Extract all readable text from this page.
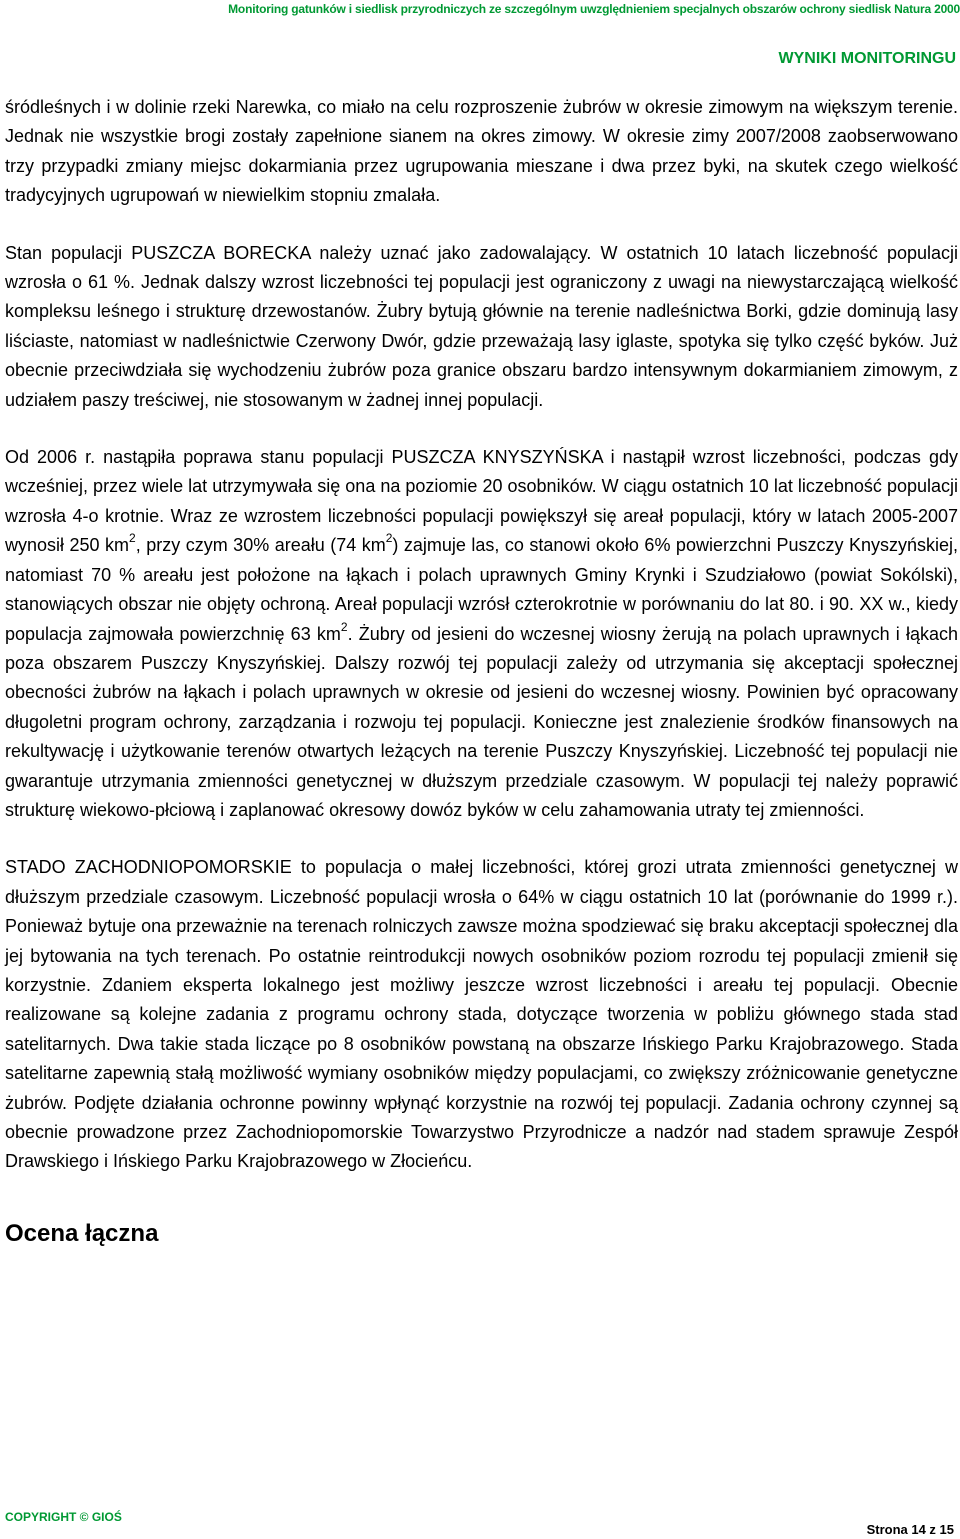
Monitoring gatunków i siedlisk przyrodniczych ze szczególnym uwzględnieniem specjalnych obszarów ochrony siedlisk Natura 2000
WYNIKI MONITORINGU

śródleśnych i w dolinie rzeki Narewka, co miało na celu rozproszenie żubrów w okresie zimowym na większym terenie. Jednak nie wszystkie brogi zostały zapełnione sianem na okres zimowy. W okresie zimy 2007/2008 zaobserwowano trzy przypadki zmiany miejsc dokarmiania przez ugrupowania mieszane i dwa przez byki, na skutek czego wielkość tradycyjnych ugrupowań w niewielkim stopniu zmalała.

Stan populacji PUSZCZA BORECKA należy uznać jako zadowalający. W ostatnich 10 latach liczebność populacji wzrosła o 61 %. Jednak dalszy wzrost liczebności tej populacji jest ograniczony z uwagi na niewystarczającą wielkość kompleksu leśnego i strukturę drzewostanów. Żubry bytują głównie na terenie nadleśnictwa Borki, gdzie dominują lasy liściaste, natomiast w nadleśnictwie Czerwony Dwór, gdzie przeważają lasy iglaste, spotyka się tylko część byków. Już obecnie przeciwdziała się wychodzeniu żubrów poza granice obszaru bardzo intensywnym dokarmianiem zimowym, z udziałem paszy treściwej, nie stosowanym w żadnej innej populacji.

Od 2006 r. nastąpiła poprawa stanu populacji PUSZCZA KNYSZYŃSKA i nastąpił wzrost liczebności, podczas gdy wcześniej, przez wiele lat utrzymywała się ona na poziomie 20 osobników. W ciągu ostatnich 10 lat liczebność populacji wzrosła 4-o krotnie. Wraz ze wzrostem liczebności populacji powiększył się areał populacji, który w latach 2005-2007 wynosił 250 $km^2$, przy czym 30% areału (74 $km^2$) zajmuje las, co stanowi około 6% powierzchni Puszczy Knyszyńskiej, natomiast 70 % areału jest położone na łąkach i polach uprawnych Gminy Krynki i Szudziałowo (powiat Sokólski), stanowiących obszar nie objęty ochroną. Areał populacji wzrósł czterokrotnie w porównaniu do lat 80. i 90. XX w., kiedy populacja zajmowała powierzchnię 63 $km^2$. Żubry od jesieni do wczesnej wiosny żerują na polach uprawnych i łąkach poza obszarem Puszczy Knyszyńskiej. Dalszy rozwój tej populacji zależy od utrzymania się akceptacji społecznej obecności żubrów na łąkach i polach uprawnych w okresie od jesieni do wczesnej wiosny. Powinien być opracowany długoletni program ochrony, zarządzania i rozwoju tej populacji. Konieczne jest znalezienie środków finansowych na rekultywację i użytkowanie terenów otwartych leżących na terenie Puszczy Knyszyńskiej. Liczebność tej populacji nie gwarantuje utrzymania zmienności genetycznej w dłuższym przedziale czasowym. W populacji tej należy poprawić strukturę wiekowo-płciową i zaplanować okresowy dowóz byków w celu zahamowania utraty tej zmienności.

STADO ZACHODNIOPOMORSKIE to populacja o małej liczebności, której grozi utrata zmienności genetycznej w dłuższym przedziale czasowym. Liczebność populacji wrosła o 64% w ciągu ostatnich 10 lat (porównanie do 1999 r.). Ponieważ bytuje ona przeważnie na terenach rolniczych zawsze można spodziewać się braku akceptacji społecznej dla jej bytowania na tych terenach. Po ostatnie reintrodukcji nowych osobników poziom rozrodu tej populacji zmienił się korzystnie. Zdaniem eksperta lokalnego jest możliwy jeszcze wzrost liczebności i areału tej populacji. Obecnie realizowane są kolejne zadania z programu ochrony stada, dotyczące tworzenia w pobliżu głównego stada stad satelitarnych. Dwa takie stada liczące po 8 osobników powstaną na obszarze Ińskiego Parku Krajobrazowego. Stada satelitarne zapewnią stałą możliwość wymiany osobników między populacjami, co zwiększy zróżnicowanie genetyczne żubrów. Podjęte działania ochronne powinny wpłynąć korzystnie na rozwój tej populacji. Zadania ochrony czynnej są obecnie prowadzone przez Zachodniopomorskie Towarzystwo Przyrodnicze a nadzór nad stadem sprawuje Zespół Drawskiego i Ińskiego Parku Krajobrazowego w Złocieńcu.

Ocena łączna
COPYRIGHT © GIOŚ
Strona 14 z 15
